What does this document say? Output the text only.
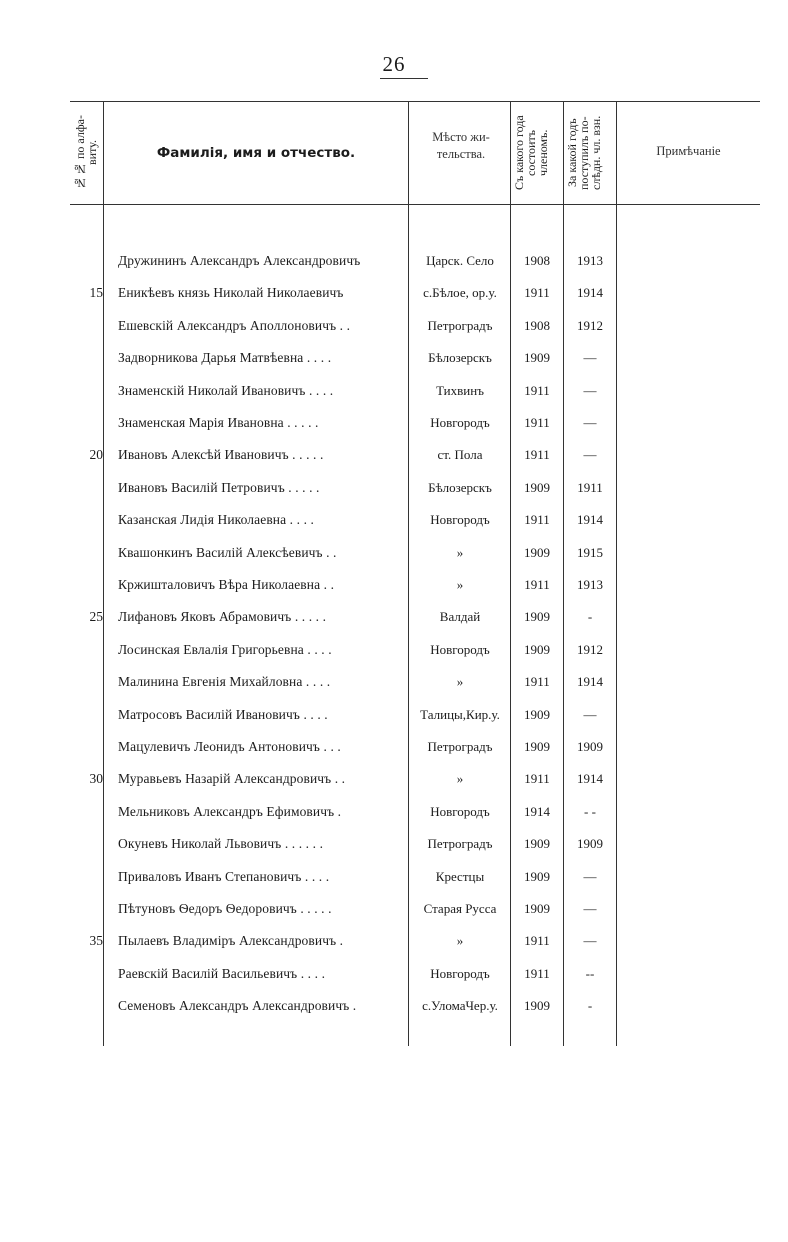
26
№№ по алфа-виту.	Фамилія, имя и отчество.
Мѣсто жи-тельства.	Съ какого года состоитъ членомъ.	За какой годъ поступилъ по-слѣдн. чл. взн.	Примѣчаніе
Дружининъ Александръ Александровичъ	Царск. Село	1908	1913
15 Еникѣевъ князь Николай Николаевичъ	с.Бѣлое, ор.у.	1911	1914
Ешевскій Александръ Аполлоновичъ . .	Петроградъ	1908	1912
Задворникова Дарья Матвѣевна . . . .	Бѣлозерскъ	1909	—
Знаменскій Николай Ивановичъ . . . .	Тихвинъ	1911	—
Знаменская Марія Ивановна . . . . .	Новгородъ	1911	—
20 Ивановъ Алексѣй Ивановичъ . . . . .	ст. Пола	1911	—
Ивановъ Василій Петровичъ . . . . .	Бѣлозерскъ	1909	1911
Казанская Лидія Николаевна . . . .	Новгородъ	1911	1914
Квашонкинъ Василій Алексѣевичъ . .	»	1909	1915
Кржишталовичъ Вѣра Николаевна . .	»	1911	1913
25 Лифановъ Яковъ Абрамовичъ . . . . .	Валдай	1909	-
Лосинская Евлалія Григорьевна . . . .	Новгородъ	1909	1912
Малинина Евгенія Михайловна . . . .	»	1911	1914
Матросовъ Василій Ивановичъ . . . .	Талицы,Кир.у.	1909	—
Мацулевичъ Леонидъ Антоновичъ . . .	Петроградъ	1909	1909
30 Муравьевъ Назарій Александровичъ . .	»	1911	1914
Мельниковъ Александръ Ефимовичъ .	Новгородъ	1914	- -
Окуневъ Николай Львовичъ . . . . . .	Петроградъ	1909	1909
Приваловъ Иванъ Степановичъ . . . .	Крестцы	1909	—
Пѣтуновъ Ѳедоръ Ѳедоровичъ . . . . .	Старая Русса	1909	—
35 Пылаевъ Владиміръ Александровичъ .	»	1911	—
Раевскій Василій Васильевичъ . . . .	Новгородъ	1911	--
Семеновъ Александръ Александровичъ .	с.УломаЧер.у.	1909	-
